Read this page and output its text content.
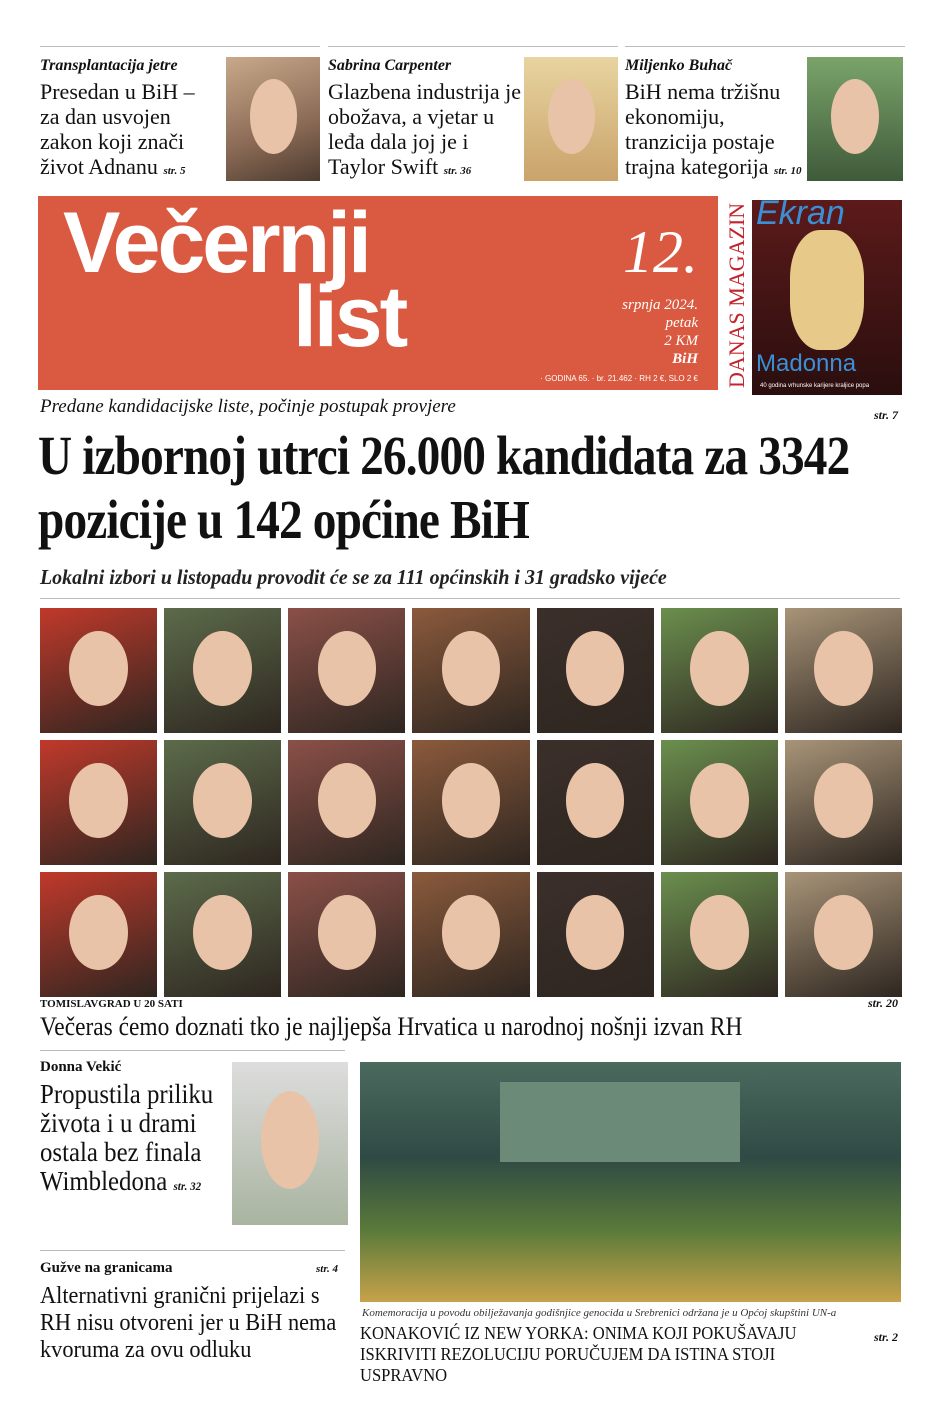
Transplantacija jetre
Presedan u BiH – za dan usvojen zakon koji znači život Adnanu str. 5
Sabrina Carpenter
Glazbena industrija je obožava, a vjetar u leđa dala joj je i Taylor Swift str. 36
Miljenko Buhač
BiH nema tržišnu ekonomiju, tranzicija postaje trajna kategorija str. 10
Večernji
list
12.
srpnja 2024.
petak
2 KM
BiH
· GODINA 65. · br. 21.462 · RH 2 €, SLO 2 € DANAS MAGAZIN Ekran
Madonna
40 godina vrhunske karijere kraljice popa
Predane kandidacijske liste, počinje postupak provjere	str. 7
U izbornoj utrci 26.000 kandidata za 3342 pozicije u 142 općine BiH
Lokalni izbori u listopadu provodit će se za 111 općinskih i 31 gradsko vijeće
TOMISLAVGRAD U 20 SATI	str. 20
Večeras ćemo doznati tko je najljepša Hrvatica u narodnoj nošnji izvan RH
Donna Vekić
Propustila priliku života i u drami ostala bez finala Wimbledona str. 32
Gužve na granicama	str. 4
Alternativni granični prijelazi s RH nisu otvoreni jer u BiH nema kvoruma za ovu odluku
Komemoracija u povodu obilježavanja godišnjice genocida u Srebrenici održana je u Općoj skupštini UN-a
KONAKOVIĆ IZ NEW YORKA: ONIMA KOJI POKUŠAVAJU ISKRIVITI REZOLUCIJU PORUČUJEM DA ISTINA STOJI USPRAVNO
str. 2
